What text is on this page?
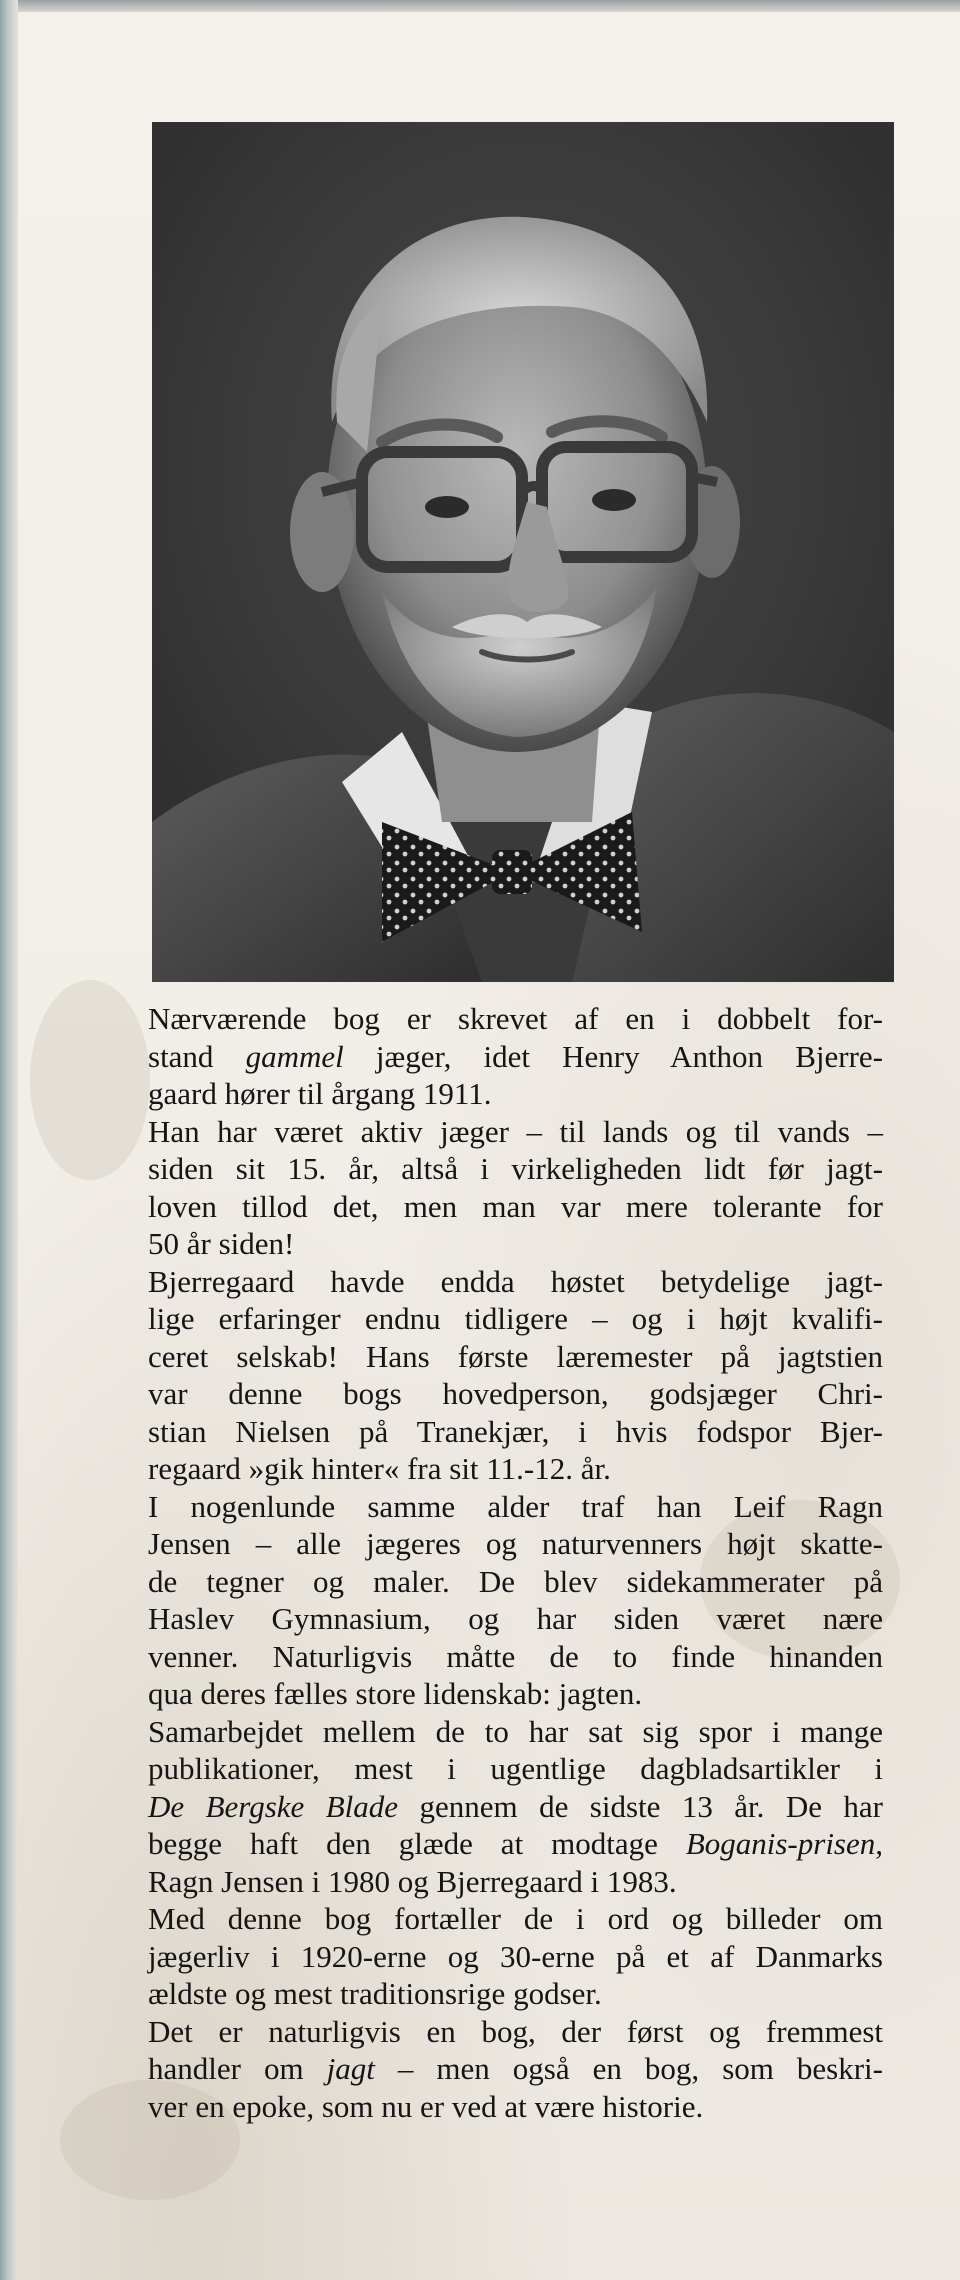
Nærværende bog er skrevet af en i dobbelt for-
stand gammel jæger, idet Henry Anthon Bjerre-
gaard hører til årgang 1911.
Han har været aktiv jæger – til lands og til vands –
siden sit 15. år, altså i virkeligheden lidt før jagt-
loven tillod det, men man var mere tolerante for
50 år siden!
Bjerregaard havde endda høstet betydelige jagt-
lige erfaringer endnu tidligere – og i højt kvalifi-
ceret selskab! Hans første læremester på jagtstien
var denne bogs hovedperson, godsjæger Chri-
stian Nielsen på Tranekjær, i hvis fodspor Bjer-
regaard »gik hinter« fra sit 11.-12. år.
I nogenlunde samme alder traf han Leif Ragn
Jensen – alle jægeres og naturvenners højt skatte-
de tegner og maler. De blev sidekammerater på
Haslev Gymnasium, og har siden været nære
venner. Naturligvis måtte de to finde hinanden
qua deres fælles store lidenskab: jagten.
Samarbejdet mellem de to har sat sig spor i mange
publikationer, mest i ugentlige dagbladsartikler i
De Bergske Blade gennem de sidste 13 år. De har
begge haft den glæde at modtage Boganis-prisen,
Ragn Jensen i 1980 og Bjerregaard i 1983.
Med denne bog fortæller de i ord og billeder om
jægerliv i 1920-erne og 30-erne på et af Danmarks
ældste og mest traditionsrige godser.
Det er naturligvis en bog, der først og fremmest
handler om jagt – men også en bog, som beskri-
ver en epoke, som nu er ved at være historie.
